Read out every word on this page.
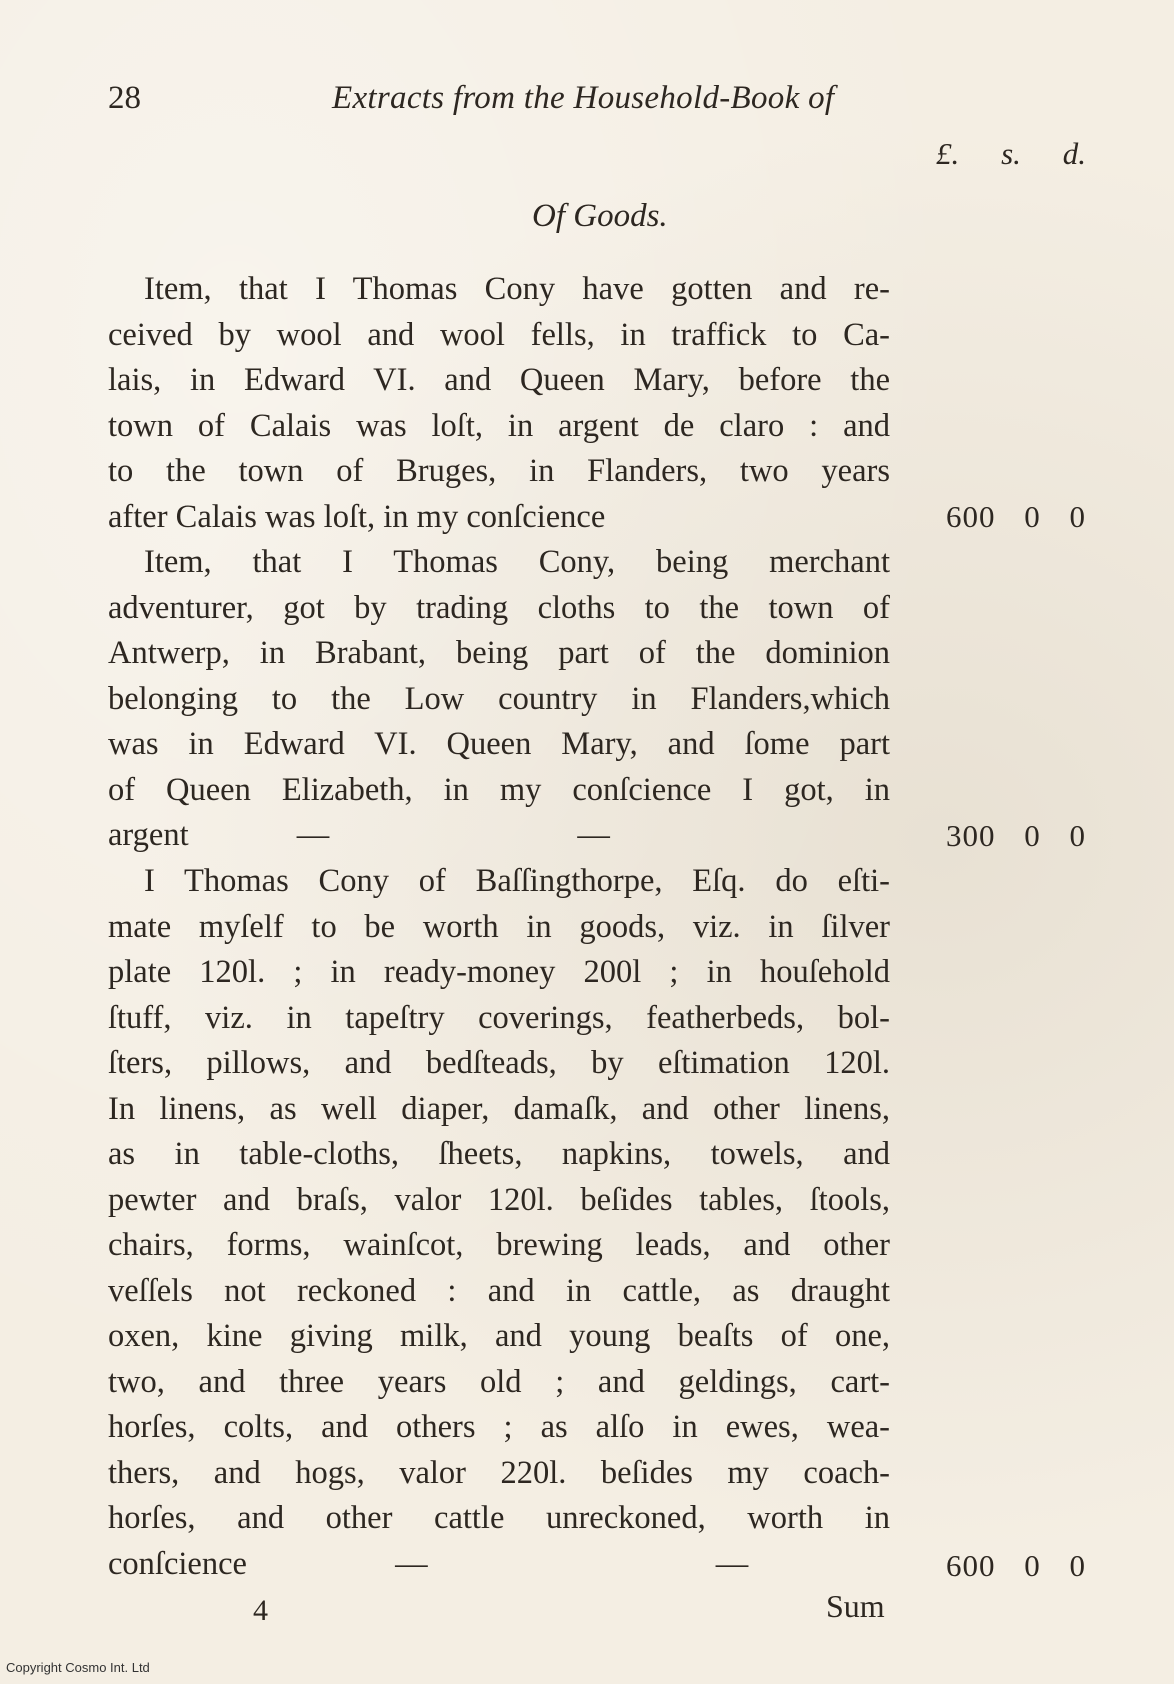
28	Extracts from the Household-Book of
£. s. d.
Of Goods.
Item, that I Thomas Cony have gotten and re-
ceived by wool and wool fells, in traffick to Ca-
lais, in Edward VI. and Queen Mary, before the
town of Calais was loſt, in argent de claro : and
to the town of Bruges, in Flanders, two years
after Calais was loſt, in my conſcience	600 0 0
Item, that I Thomas Cony, being merchant
adventurer, got by trading cloths to the town of
Antwerp, in Brabant, being part of the dominion
belonging to the Low country in Flanders,which
was in Edward VI. Queen Mary, and ſome part
of Queen Elizabeth, in my conſcience I got, in
argent	—	—	300 0 0
I Thomas Cony of Baſſingthorpe, Eſq. do eſti-
mate myſelf to be worth in goods, viz. in ſilver
plate 120l. ; in ready-money 200l ; in houſehold
ſtuff, viz. in tapeſtry coverings, featherbeds, bol-
ſters, pillows, and bedſteads, by eſtimation 120l.
In linens, as well diaper, damaſk, and other linens,
as in table-cloths, ſheets, napkins, towels, and
pewter and braſs, valor 120l. beſides tables, ſtools,
chairs, forms, wainſcot, brewing leads, and other
veſſels not reckoned : and in cattle, as draught
oxen, kine giving milk, and young beaſts of one,
two, and three years old ; and geldings, cart-
horſes, colts, and others ; as alſo in ewes, wea-
thers, and hogs, valor 220l. beſides my coach-
horſes, and other cattle unreckoned, worth in
conſcience	—	—	600 0 0
4	Sum
Copyright Cosmo Int. Ltd
